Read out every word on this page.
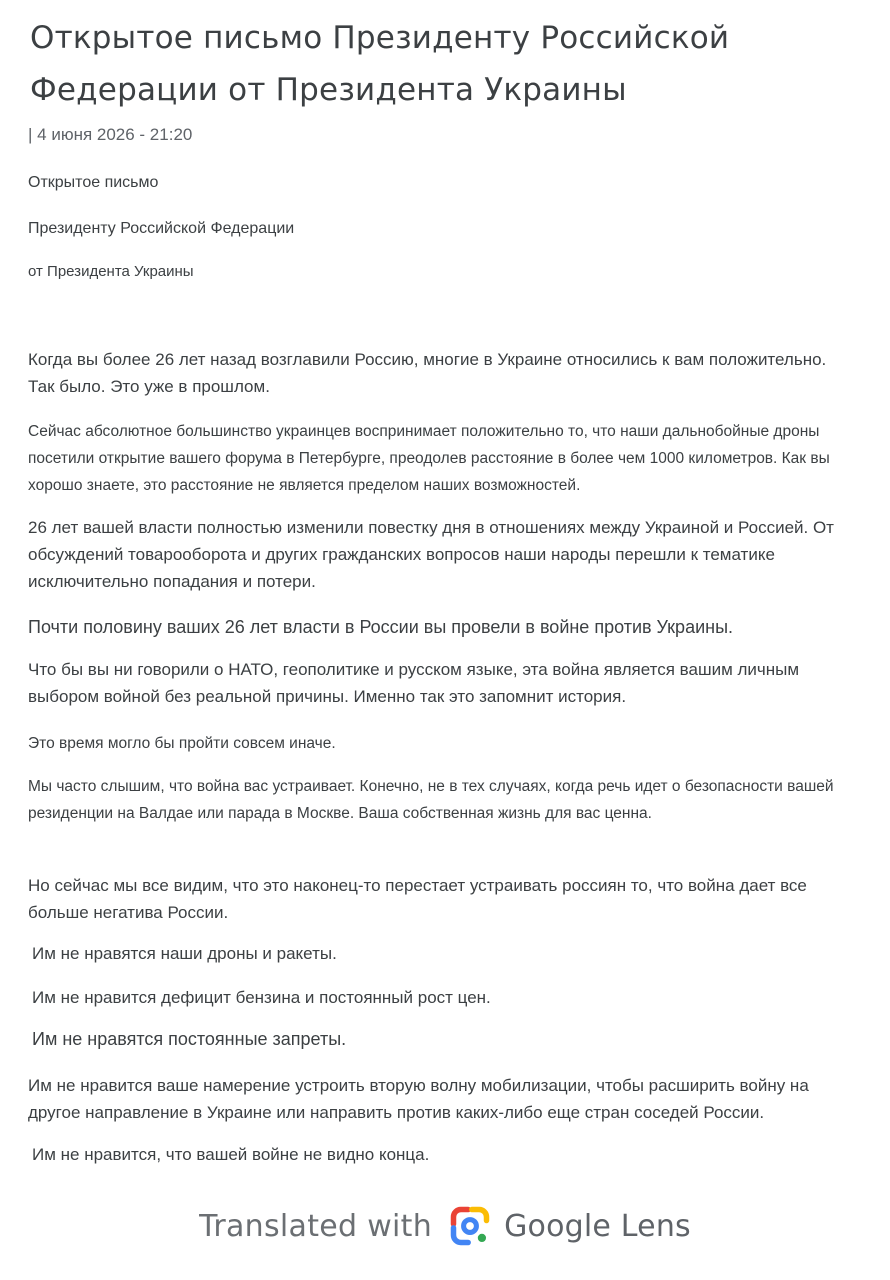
Открытое письмо Президенту Российской Федерации от Президента Украины
| 4 июня 2026 - 21:20

Открытое письмо

Президенту Российской Федерации

от Президента Украины

Когда вы более 26 лет назад возглавили Россию, многие в Украине относились к вам положительно. Так было. Это уже в прошлом.

Сейчас абсолютное большинство украинцев воспринимает положительно то, что наши дальнобойные дроны посетили открытие вашего форума в Петербурге, преодолев расстояние в более чем 1000 километров. Как вы хорошо знаете, это расстояние не является пределом наших возможностей.

26 лет вашей власти полностью изменили повестку дня в отношениях между Украиной и Россией. От обсуждений товарооборота и других гражданских вопросов наши народы перешли к тематике исключительно попадания и потери.

Почти половину ваших 26 лет власти в России вы провели в войне против Украины.

Что бы вы ни говорили о НАТО, геополитике и русском языке, эта война является вашим личным выбором войной без реальной причины. Именно так это запомнит история.

Это время могло бы пройти совсем иначе.

Мы часто слышим, что война вас устраивает. Конечно, не в тех случаях, когда речь идет о безопасности вашей резиденции на Валдае или парада в Москве. Ваша собственная жизнь для вас ценна.

Но сейчас мы все видим, что это наконец-то перестает устраивать россиян то, что война дает все больше негатива России.

Им не нравятся наши дроны и ракеты.

Им не нравится дефицит бензина и постоянный рост цен.

Им не нравятся постоянные запреты.

Им не нравится ваше намерение устроить вторую волну мобилизации, чтобы расширить войну на другое направление в Украине или направить против каких-либо еще стран соседей России.

Им не нравится, что вашей войне не видно конца.

Translated with Google Lens
